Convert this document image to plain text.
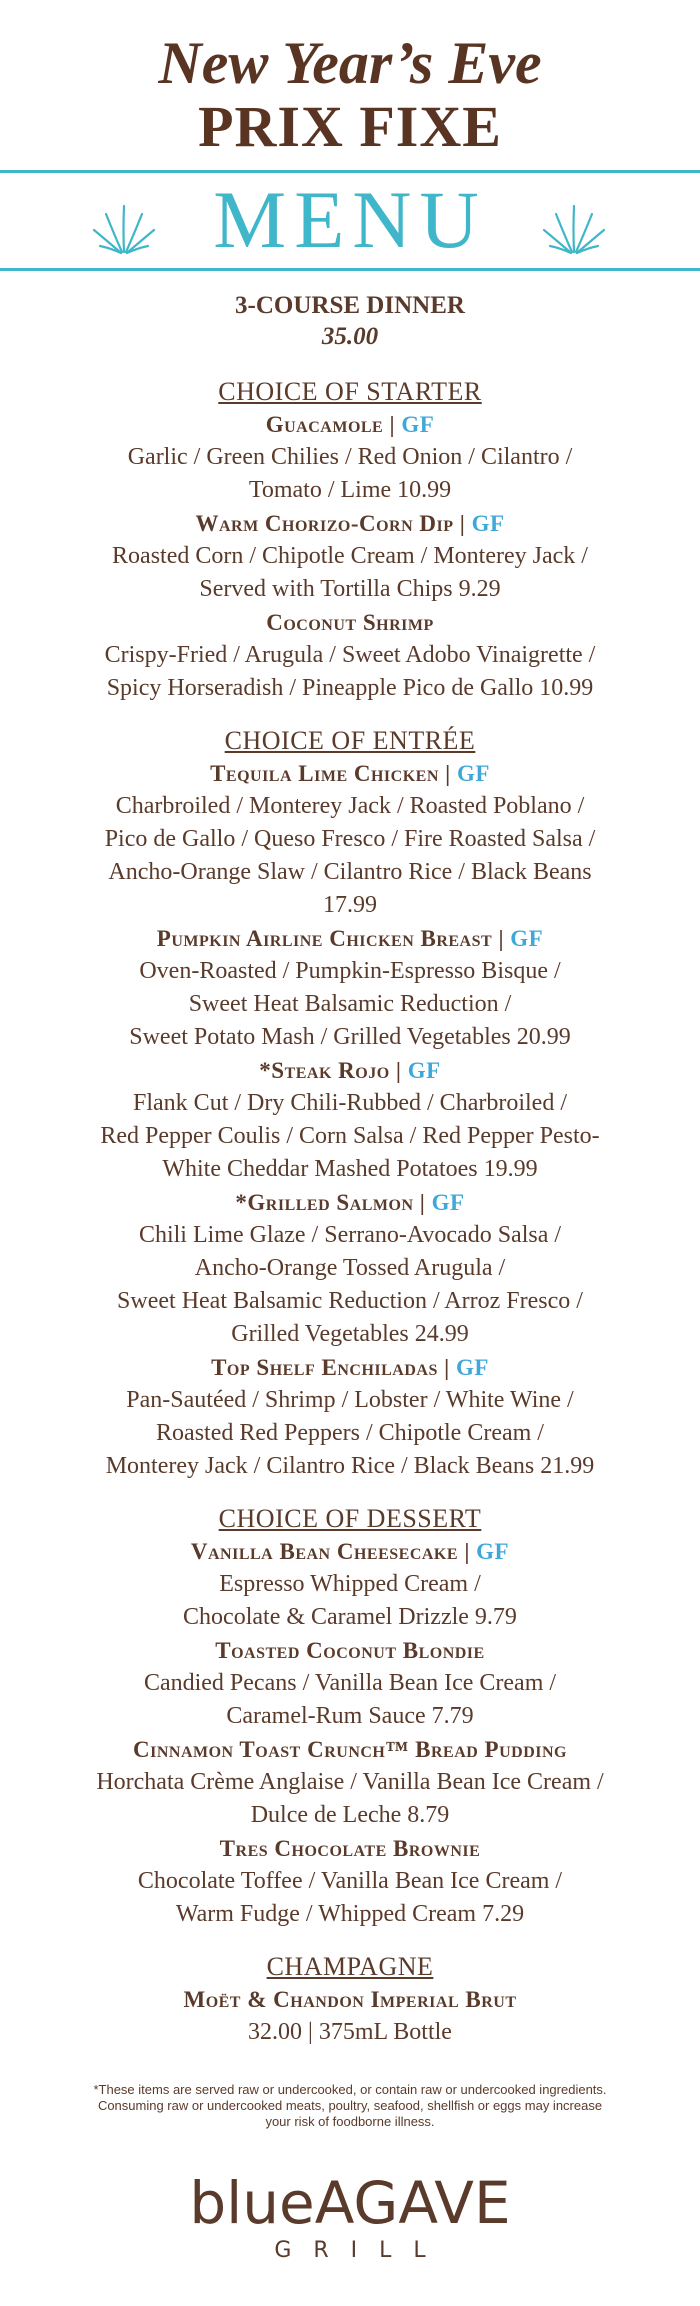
New Year’s Eve
PRIX FIXE
MENU
3-COURSE DINNER
35.00
CHOICE OF STARTER
Guacamole | GF
Garlic / Green Chilies / Red Onion / Cilantro /
Tomato / Lime 10.99
Warm Chorizo-Corn Dip | GF
Roasted Corn / Chipotle Cream / Monterey Jack /
Served with Tortilla Chips 9.29
Coconut Shrimp
Crispy-Fried / Arugula / Sweet Adobo Vinaigrette /
Spicy Horseradish / Pineapple Pico de Gallo 10.99
CHOICE OF ENTRÉE
Tequila Lime Chicken | GF
Charbroiled / Monterey Jack / Roasted Poblano /
Pico de Gallo / Queso Fresco / Fire Roasted Salsa /
Ancho-Orange Slaw / Cilantro Rice / Black Beans
17.99
Pumpkin Airline Chicken Breast | GF
Oven-Roasted / Pumpkin-Espresso Bisque /
Sweet Heat Balsamic Reduction /
Sweet Potato Mash / Grilled Vegetables 20.99
*Steak Rojo | GF
Flank Cut / Dry Chili-Rubbed / Charbroiled /
Red Pepper Coulis / Corn Salsa / Red Pepper Pesto-
White Cheddar Mashed Potatoes 19.99
*Grilled Salmon | GF
Chili Lime Glaze / Serrano-Avocado Salsa /
Ancho-Orange Tossed Arugula /
Sweet Heat Balsamic Reduction / Arroz Fresco /
Grilled Vegetables 24.99
Top Shelf Enchiladas | GF
Pan-Sautéed / Shrimp / Lobster / White Wine /
Roasted Red Peppers / Chipotle Cream /
Monterey Jack / Cilantro Rice / Black Beans 21.99
CHOICE OF DESSERT
Vanilla Bean Cheesecake | GF
Espresso Whipped Cream /
Chocolate & Caramel Drizzle 9.79
Toasted Coconut Blondie
Candied Pecans / Vanilla Bean Ice Cream /
Caramel-Rum Sauce 7.79
Cinnamon Toast Crunch™ Bread Pudding
Horchata Crème Anglaise / Vanilla Bean Ice Cream /
Dulce de Leche 8.79
Tres Chocolate Brownie
Chocolate Toffee / Vanilla Bean Ice Cream /
Warm Fudge / Whipped Cream 7.29
CHAMPAGNE
Moët & Chandon Imperial Brut
32.00 | 375mL Bottle
*These items are served raw or undercooked, or contain raw or undercooked ingredients.
Consuming raw or undercooked meats, poultry, seafood, shellfish or eggs may increase
your risk of foodborne illness.
blueAGAVE
GRILL
